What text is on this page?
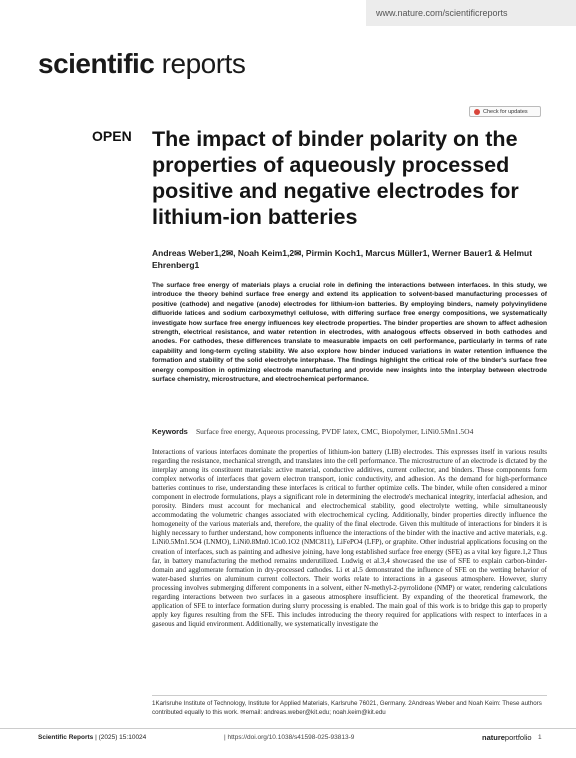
www.nature.com/scientificreports
scientific reports
Check for updates
OPEN The impact of binder polarity on the properties of aqueously processed positive and negative electrodes for lithium-ion batteries
Andreas Weber1,2✉, Noah Keim1,2✉, Pirmin Koch1, Marcus Müller1, Werner Bauer1 & Helmut Ehrenberg1

The surface free energy of materials plays a crucial role in defining the interactions between interfaces. In this study, we introduce the theory behind surface free energy and extend its application to solvent-based manufacturing processes of positive (cathode) and negative (anode) electrodes for lithium-ion batteries. By employing binders, namely polyvinylidene difluoride latices and sodium carboxymethyl cellulose, with differing surface free energy compositions, we systematically investigate how surface free energy influences key electrode properties. The binder properties are shown to affect adhesion strength, electrical resistance, and water retention in electrodes, with analogous effects observed in both cathodes and anodes. For cathodes, these differences translate to measurable impacts on cell performance, particularly in terms of rate capability and long-term cycling stability. We also explore how binder induced variations in water retention influence the formation and stability of the solid electrolyte interphase. The findings highlight the critical role of the binder's surface free energy composition in optimizing electrode manufacturing and provide new insights into the interplay between electrode surface chemistry, microstructure, and electrochemical performance.

Keywords Surface free energy, Aqueous processing, PVDF latex, CMC, Biopolymer, LiNi0.5Mn1.5O4

Interactions of various interfaces dominate the properties of lithium-ion battery (LIB) electrodes. This expresses itself in various results regarding the resistance, mechanical strength, and translates into the cell performance. The microstructure of an electrode is dictated by the interplay among its constituent materials: active material, conductive additives, current collector, and binders. These components form complex networks of interfaces that govern electron transport, ionic conductivity, and adhesion. As the demand for high-performance batteries continues to rise, understanding these interfaces is critical to further optimize cells. The binder, while often considered a minor component in electrode formulations, plays a significant role in determining the electrode's mechanical integrity, interfacial adhesion, and porosity. Binders must account for mechanical and electrochemical stability, good electrolyte wetting, while simultaneously accommodating the volumetric changes associated with electrochemical cycling. Additionally, binder properties directly influence the homogeneity of the various materials and, therefore, the quality of the final electrode. Given this multitude of interactions for binders it is highly necessary to further understand, how components influence the interactions of the binder with the inactive and active materials, e.g. LiNi0.5Mn1.5O4 (LNMO), LiNi0.8Mn0.1Co0.1O2 (NMC811), LiFePO4 (LFP), or graphite. Other industrial applications focusing on the creation of interfaces, such as painting and adhesive joining, have long established surface free energy (SFE) as a vital key figure.1,2 Thus far, in battery manufacturing the method remains underutilized. Ludwig et al.3,4 showcased the use of SFE to explain carbon-binder-domain and agglomerate formation in dry-processed cathodes. Li et al.5 demonstrated the influence of SFE on the wetting behavior of water-based slurries on aluminum current collectors. Their works relate to interactions in a gaseous atmosphere. However, slurry processing involves submerging different components in a solvent, either N-methyl-2-pyrrolidone (NMP) or water, rendering calculations regarding interactions between two surfaces in a gaseous atmosphere insufficient. By expanding of the theoretical framework, the application of SFE to interface formation during slurry processing is enabled. The main goal of this work is to bridge this gap to properly apply key figures resulting from the SFE. This includes introducing the theory required for applications with respect to interfaces in a gaseous and liquid environment. Additionally, we systematically investigate the

1Karlsruhe Institute of Technology, Institute for Applied Materials, Karlsruhe 76021, Germany. 2Andreas Weber and Noah Keim: These authors contributed equally to this work. ✉email: andreas.weber@kit.edu; noah.keim@kit.edu
Scientific Reports | (2025) 15:10024	| https://doi.org/10.1038/s41598-025-93813-9	natureportfolio 1
